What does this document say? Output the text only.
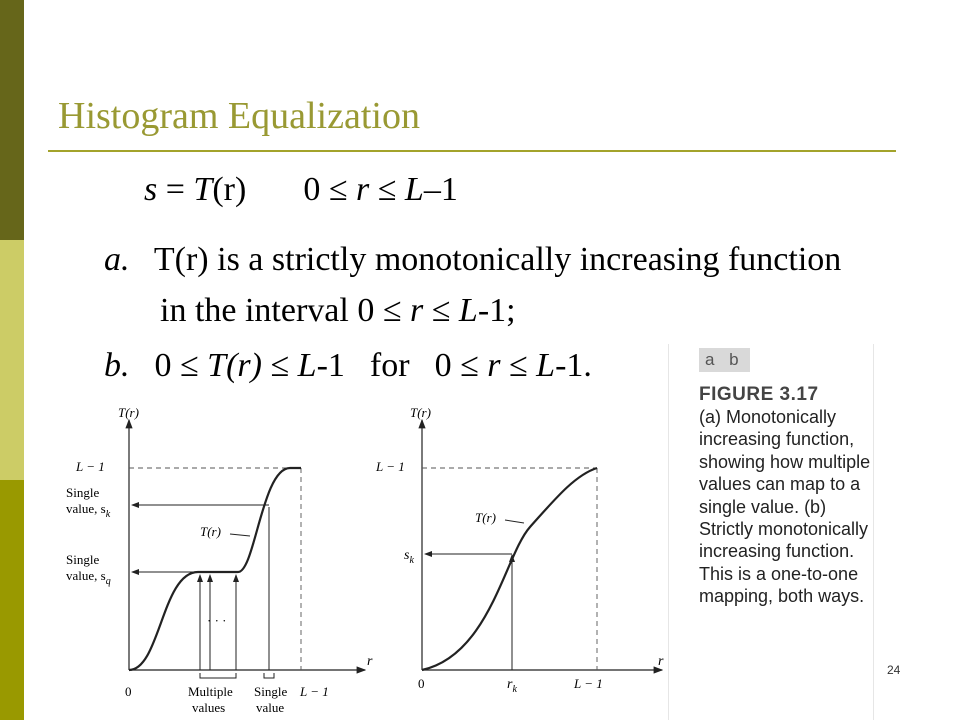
Histogram Equalization
s = T(r) 0 ≤ r ≤ L–1
a. T(r) is a strictly monotonically increasing function
in the interval 0 ≤ r ≤ L-1;
b. 0 ≤ T(r) ≤ L-1 for 0 ≤ r ≤ L-1.
T(r)
r
L − 1
Single
value, $s_k$
Single
value, $s_q$
T(r)
· · ·
0	Multiple
values
Single
value
L − 1
T(r)
r
L − 1
T(r)
$s_k$
0	$r_k$	L − 1
a b
FIGURE 3.17
(a) Monotonically increasing function, showing how multiple values can map to a single value. (b) Strictly monotonically increasing function. This is a one-to-one mapping, both ways.
24
